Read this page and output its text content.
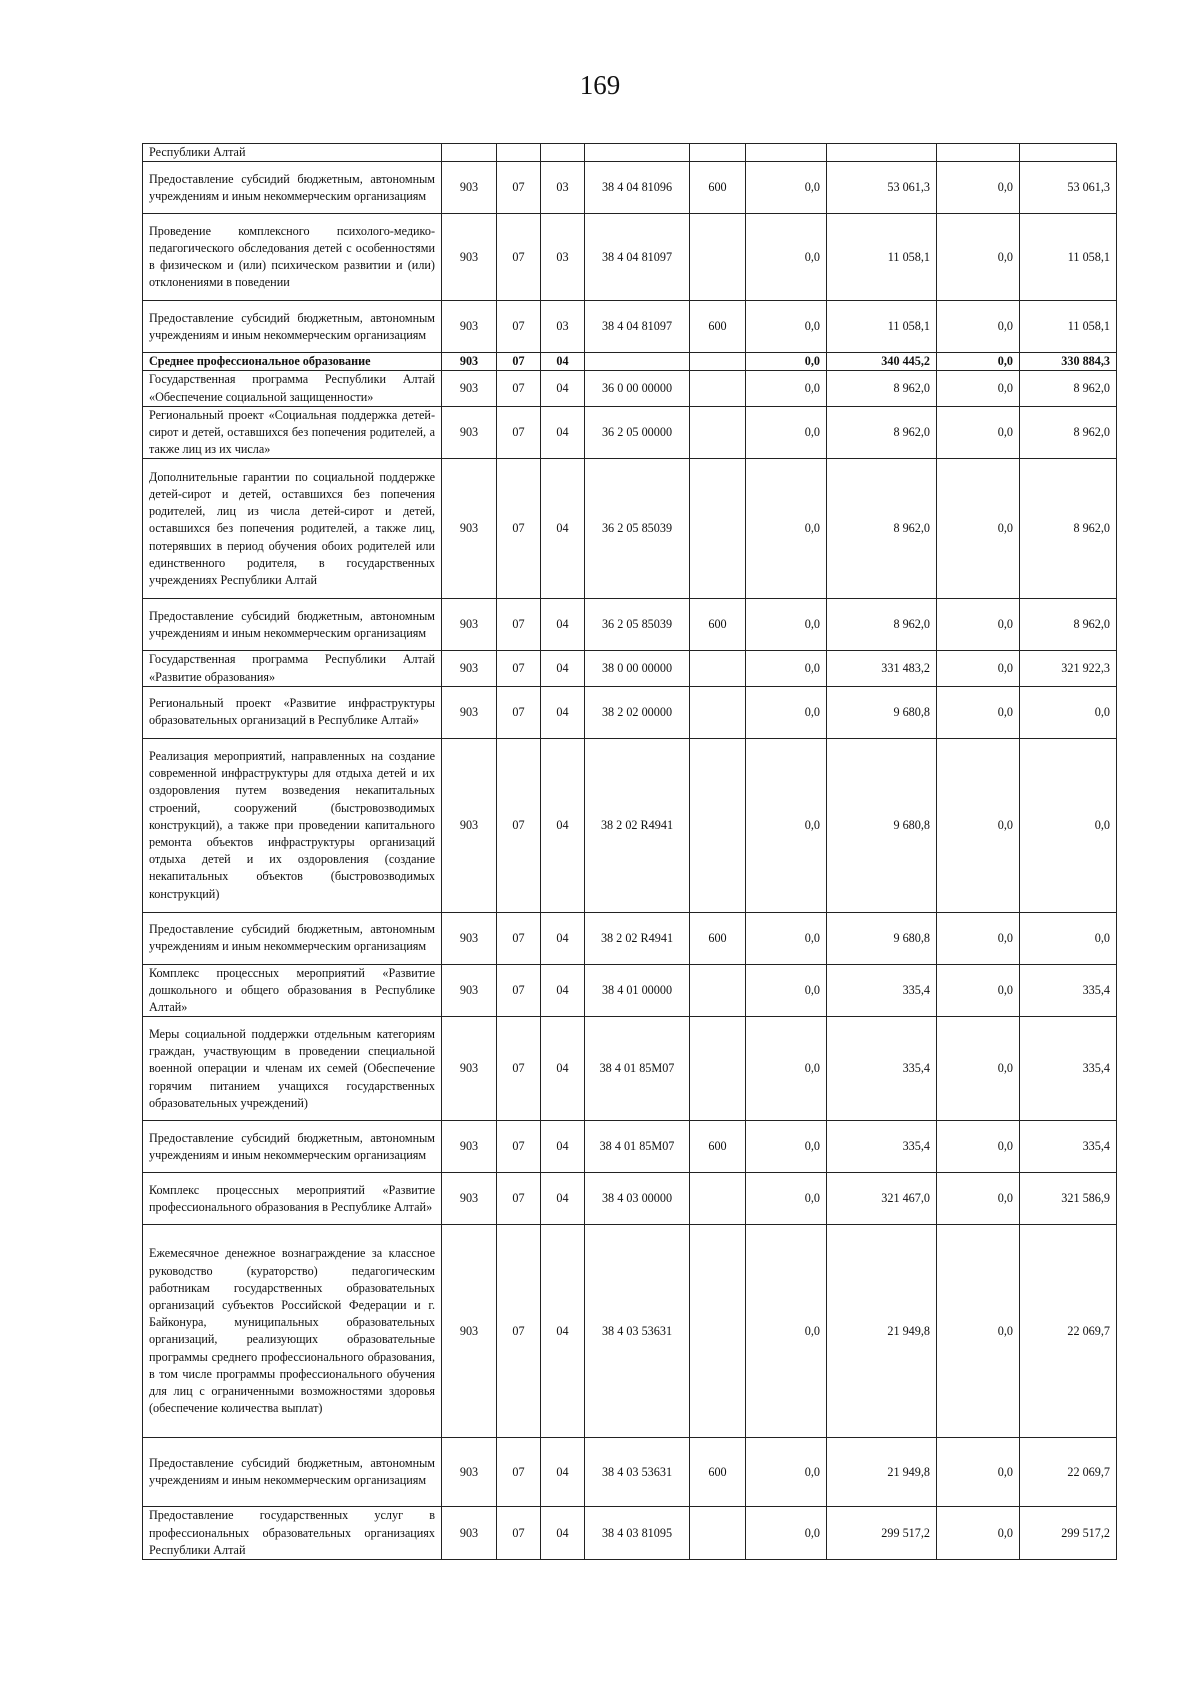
169
Республики Алтай									
Предоставление субсидий бюджетным, автономным учреждениям и иным некоммерческим организациям	903	07	03	38 4 04 81096	600	0,0	53 061,3	0,0	53 061,3
Проведение комплексного психолого-медико-педагогического обследования детей с особенностями в физическом и (или) психическом развитии и (или) отклонениями в поведении	903	07	03	38 4 04 81097		0,0	11 058,1	0,0	11 058,1
Предоставление субсидий бюджетным, автономным учреждениям и иным некоммерческим организациям	903	07	03	38 4 04 81097	600	0,0	11 058,1	0,0	11 058,1
Среднее профессиональное образование	903	07	04			0,0	340 445,2	0,0	330 884,3
Государственная программа Республики Алтай «Обеспечение социальной защищенности»	903	07	04	36 0 00 00000		0,0	8 962,0	0,0	8 962,0
Региональный проект «Социальная поддержка детей-сирот и детей, оставшихся без попечения родителей, а также лиц из их числа»	903	07	04	36 2 05 00000		0,0	8 962,0	0,0	8 962,0
Дополнительные гарантии по социальной поддержке детей-сирот и детей, оставшихся без попечения родителей, лиц из числа детей-сирот и детей, оставшихся без попечения родителей, а также лиц, потерявших в период обучения обоих родителей или единственного родителя, в государственных учреждениях Республики Алтай	903	07	04	36 2 05 85039		0,0	8 962,0	0,0	8 962,0
Предоставление субсидий бюджетным, автономным учреждениям и иным некоммерческим организациям	903	07	04	36 2 05 85039	600	0,0	8 962,0	0,0	8 962,0
Государственная программа Республики Алтай «Развитие образования»	903	07	04	38 0 00 00000		0,0	331 483,2	0,0	321 922,3
Региональный проект «Развитие инфраструктуры образовательных организаций в Республике Алтай»	903	07	04	38 2 02 00000		0,0	9 680,8	0,0	0,0
Реализация мероприятий, направленных на создание современной инфраструктуры для отдыха детей и их оздоровления путем возведения некапитальных строений, сооружений (быстровозводимых конструкций), а также при проведении капитального ремонта объектов инфраструктуры организаций отдыха детей и их оздоровления (создание некапитальных объектов (быстровозводимых конструкций)	903	07	04	38 2 02 R4941		0,0	9 680,8	0,0	0,0
Предоставление субсидий бюджетным, автономным учреждениям и иным некоммерческим организациям	903	07	04	38 2 02 R4941	600	0,0	9 680,8	0,0	0,0
Комплекс процессных мероприятий «Развитие дошкольного и общего образования в Республике Алтай»	903	07	04	38 4 01 00000		0,0	335,4	0,0	335,4
Меры социальной поддержки отдельным категориям граждан, участвующим в проведении специальной военной операции и членам их семей (Обеспечение горячим питанием учащихся государственных образовательных учреждений)	903	07	04	38 4 01 85M07		0,0	335,4	0,0	335,4
Предоставление субсидий бюджетным, автономным учреждениям и иным некоммерческим организациям	903	07	04	38 4 01 85M07	600	0,0	335,4	0,0	335,4
Комплекс процессных мероприятий «Развитие профессионального образования в Республике Алтай»	903	07	04	38 4 03 00000		0,0	321 467,0	0,0	321 586,9
Ежемесячное денежное вознаграждение за классное руководство (кураторство) педагогическим работникам государственных образовательных организаций субъектов Российской Федерации и г. Байконура, муниципальных образовательных организаций, реализующих образовательные программы среднего профессионального образования, в том числе программы профессионального обучения для лиц с ограниченными возможностями здоровья (обеспечение количества выплат)	903	07	04	38 4 03 53631		0,0	21 949,8	0,0	22 069,7
Предоставление субсидий бюджетным, автономным учреждениям и иным некоммерческим организациям	903	07	04	38 4 03 53631	600	0,0	21 949,8	0,0	22 069,7
Предоставление государственных услуг в профессиональных образовательных организациях Республики Алтай	903	07	04	38 4 03 81095		0,0	299 517,2	0,0	299 517,2
